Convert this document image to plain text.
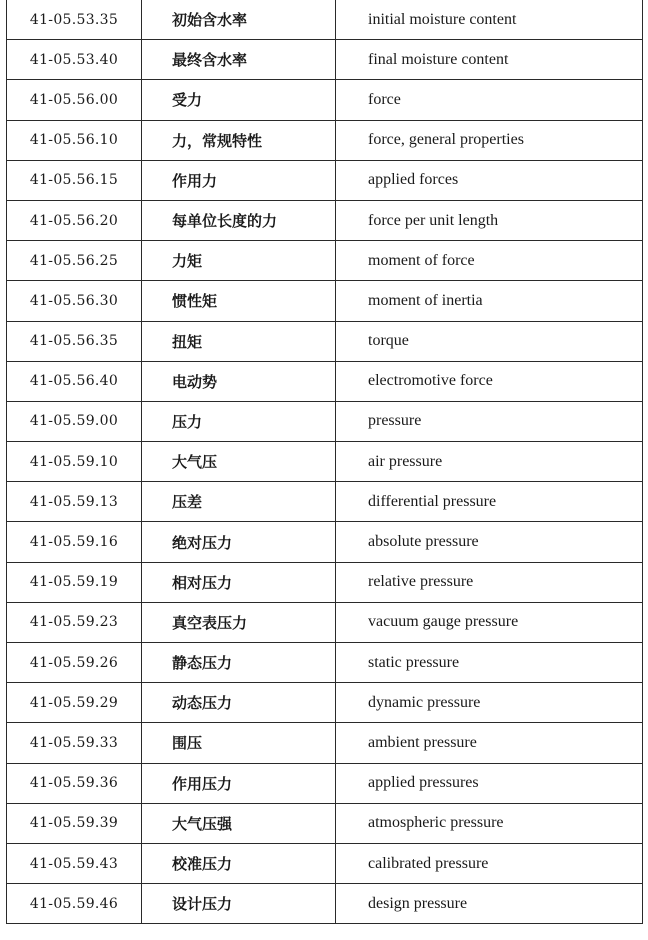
41-05.53.35	初始含水率	initial moisture content
41-05.53.40	最终含水率	final moisture content
41-05.56.00	受力	force
41-05.56.10	力，常规特性	force, general properties
41-05.56.15	作用力	applied forces
41-05.56.20	每单位长度的力	force per unit length
41-05.56.25	力矩	moment of force
41-05.56.30	惯性矩	moment of inertia
41-05.56.35	扭矩	torque
41-05.56.40	电动势	electromotive force
41-05.59.00	压力	pressure
41-05.59.10	大气压	air pressure
41-05.59.13	压差	differential pressure
41-05.59.16	绝对压力	absolute pressure
41-05.59.19	相对压力	relative pressure
41-05.59.23	真空表压力	vacuum gauge pressure
41-05.59.26	静态压力	static pressure
41-05.59.29	动态压力	dynamic pressure
41-05.59.33	围压	ambient pressure
41-05.59.36	作用压力	applied pressures
41-05.59.39	大气压强	atmospheric pressure
41-05.59.43	校准压力	calibrated pressure
41-05.59.46	设计压力	design pressure
